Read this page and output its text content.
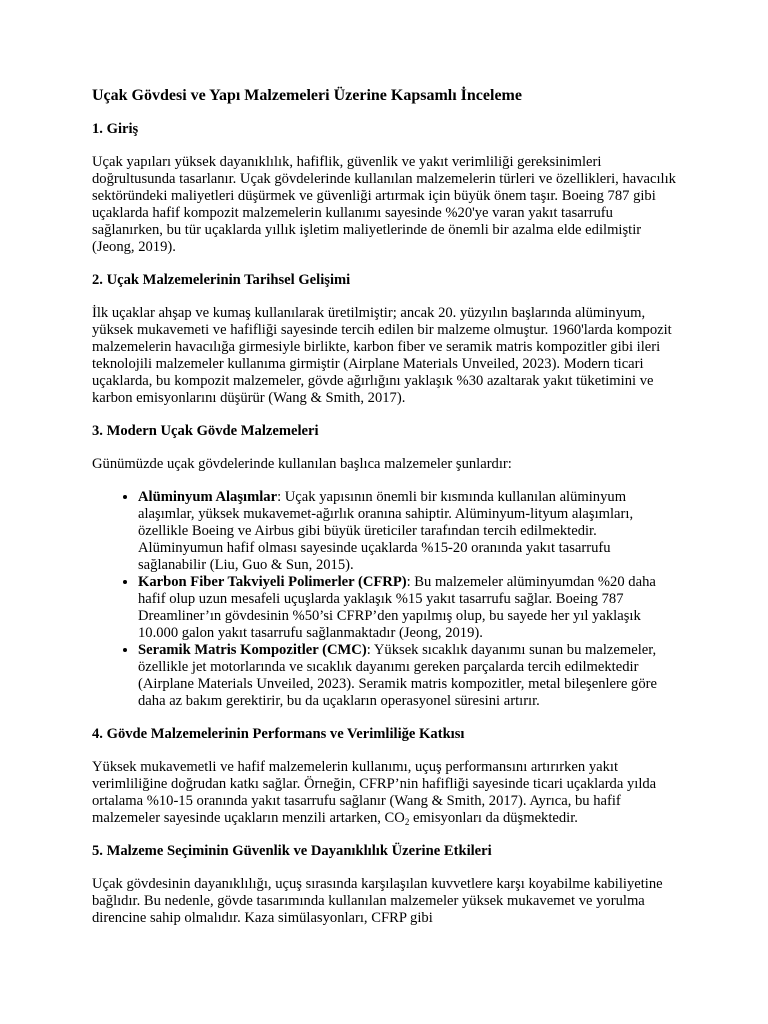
Uçak Gövdesi ve Yapı Malzemeleri Üzerine Kapsamlı İnceleme
1. Giriş

Uçak yapıları yüksek dayanıklılık, hafiflik, güvenlik ve yakıt verimliliği gereksinimleri doğrultusunda tasarlanır. Uçak gövdelerinde kullanılan malzemelerin türleri ve özellikleri, havacılık sektöründeki maliyetleri düşürmek ve güvenliği artırmak için büyük önem taşır. Boeing 787 gibi uçaklarda hafif kompozit malzemelerin kullanımı sayesinde %20'ye varan yakıt tasarrufu sağlanırken, bu tür uçaklarda yıllık işletim maliyetlerinde de önemli bir azalma elde edilmiştir (Jeong, 2019).

2. Uçak Malzemelerinin Tarihsel Gelişimi

İlk uçaklar ahşap ve kumaş kullanılarak üretilmiştir; ancak 20. yüzyılın başlarında alüminyum, yüksek mukavemeti ve hafifliği sayesinde tercih edilen bir malzeme olmuştur. 1960'larda kompozit malzemelerin havacılığa girmesiyle birlikte, karbon fiber ve seramik matris kompozitler gibi ileri teknolojili malzemeler kullanıma girmiştir (Airplane Materials Unveiled, 2023). Modern ticari uçaklarda, bu kompozit malzemeler, gövde ağırlığını yaklaşık %30 azaltarak yakıt tüketimini ve karbon emisyonlarını düşürür (Wang & Smith, 2017).

3. Modern Uçak Gövde Malzemeleri

Günümüzde uçak gövdelerinde kullanılan başlıca malzemeler şunlardır:

• Alüminyum Alaşımlar: Uçak yapısının önemli bir kısmında kullanılan alüminyum alaşımlar, yüksek mukavemet-ağırlık oranına sahiptir. Alüminyum-lityum alaşımları, özellikle Boeing ve Airbus gibi büyük üreticiler tarafından tercih edilmektedir. Alüminyumun hafif olması sayesinde uçaklarda %15-20 oranında yakıt tasarrufu sağlanabilir (Liu, Guo & Sun, 2015).
• Karbon Fiber Takviyeli Polimerler (CFRP): Bu malzemeler alüminyumdan %20 daha hafif olup uzun mesafeli uçuşlarda yaklaşık %15 yakıt tasarrufu sağlar. Boeing 787 Dreamliner’ın gövdesinin %50’si CFRP’den yapılmış olup, bu sayede her yıl yaklaşık 10.000 galon yakıt tasarrufu sağlanmaktadır (Jeong, 2019).
• Seramik Matris Kompozitler (CMC): Yüksek sıcaklık dayanımı sunan bu malzemeler, özellikle jet motorlarında ve sıcaklık dayanımı gereken parçalarda tercih edilmektedir (Airplane Materials Unveiled, 2023). Seramik matris kompozitler, metal bileşenlere göre daha az bakım gerektirir, bu da uçakların operasyonel süresini artırır.
4. Gövde Malzemelerinin Performans ve Verimliliğe Katkısı

Yüksek mukavemetli ve hafif malzemelerin kullanımı, uçuş performansını artırırken yakıt verimliliğine doğrudan katkı sağlar. Örneğin, CFRP’nin hafifliği sayesinde ticari uçaklarda yılda ortalama %10-15 oranında yakıt tasarrufu sağlanır (Wang & Smith, 2017). Ayrıca, bu hafif malzemeler sayesinde uçakların menzili artarken, $CO_2$ emisyonları da düşmektedir.

5. Malzeme Seçiminin Güvenlik ve Dayanıklılık Üzerine Etkileri

Uçak gövdesinin dayanıklılığı, uçuş sırasında karşılaşılan kuvvetlere karşı koyabilme kabiliyetine bağlıdır. Bu nedenle, gövde tasarımında kullanılan malzemeler yüksek mukavemet ve yorulma direncine sahip olmalıdır. Kaza simülasyonları, CFRP gibi
